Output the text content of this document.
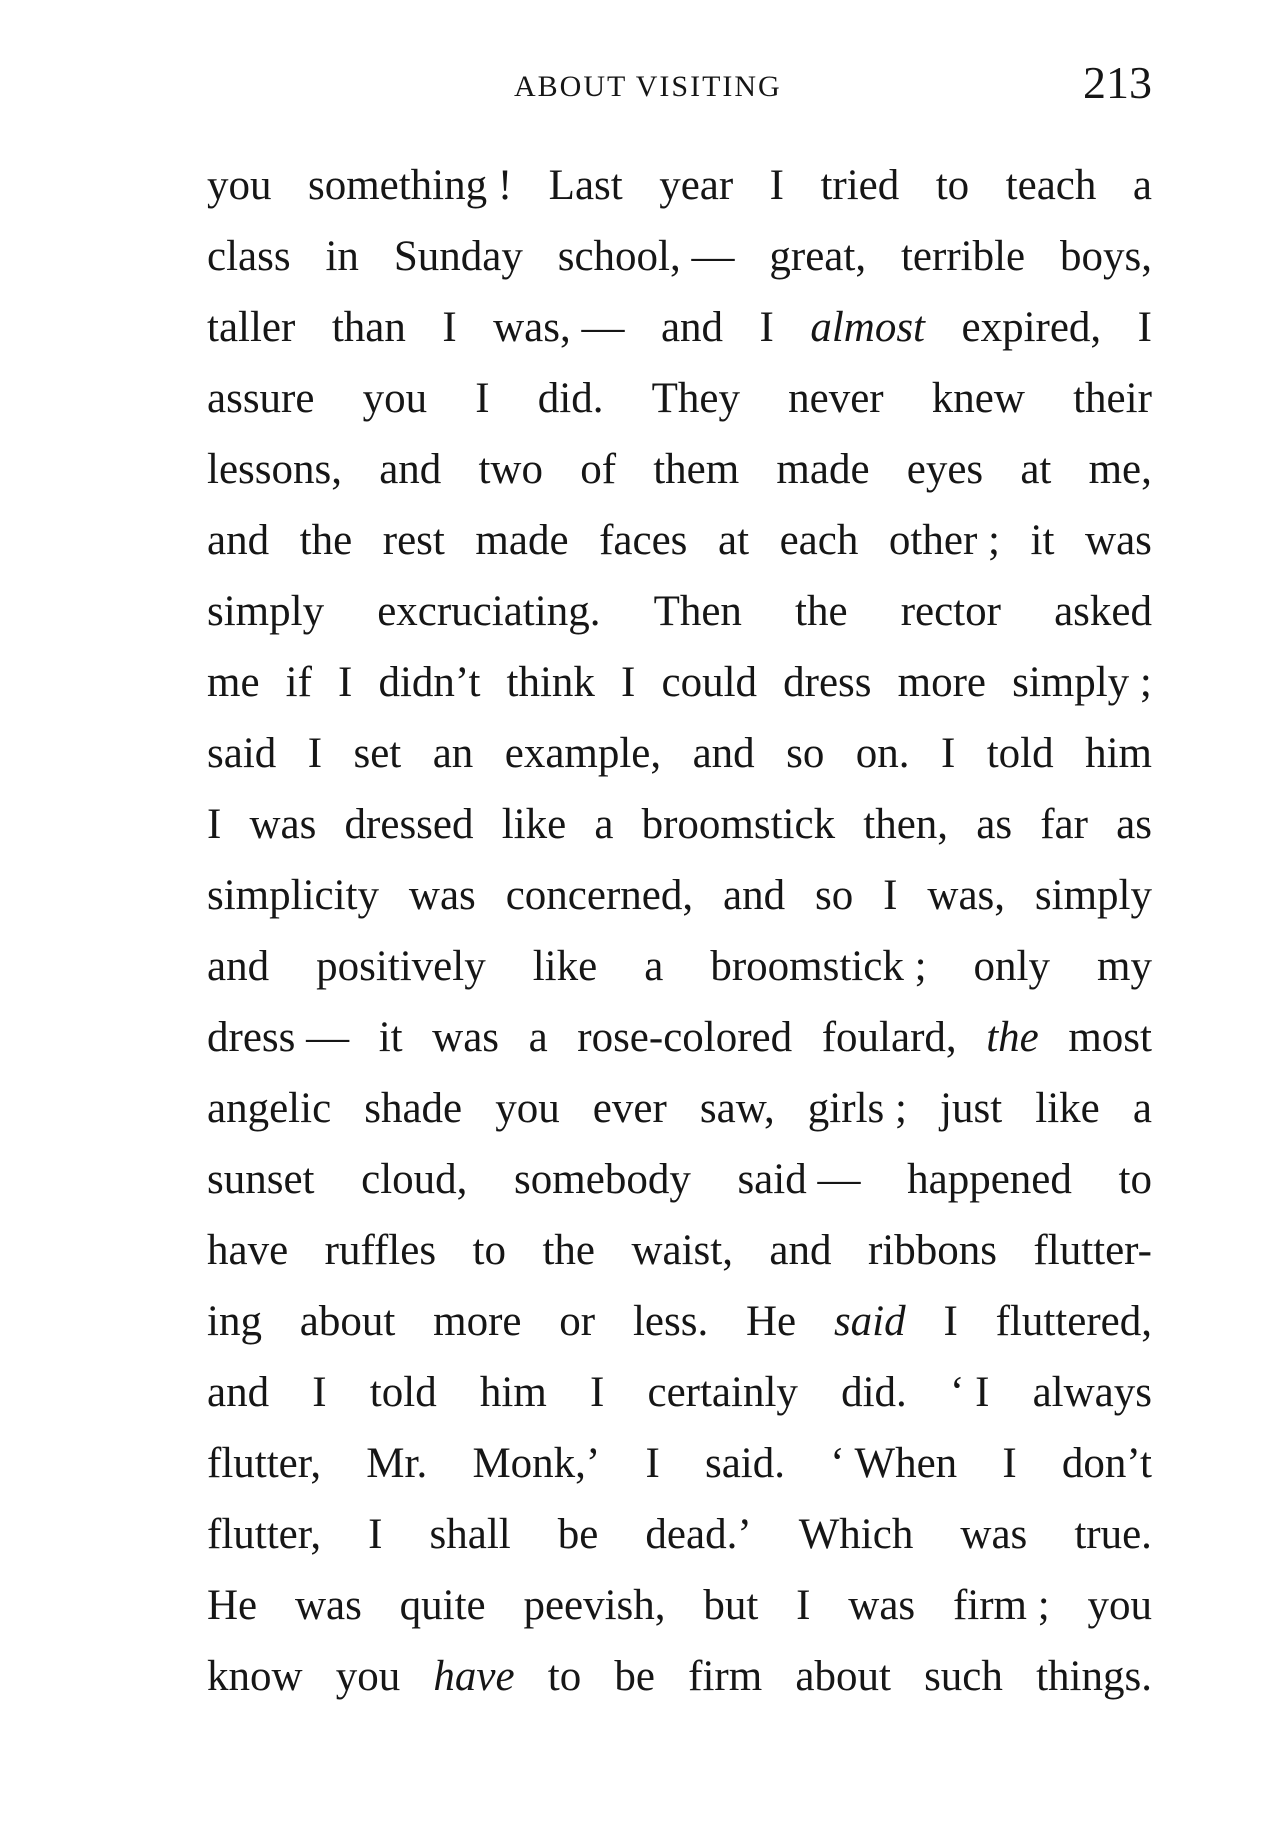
ABOUT VISITING	213
you something ! Last year I tried to teach a
class in Sunday school, — great, terrible boys,
taller than I was, — and I almost expired, I
assure you I did. They never knew their
lessons, and two of them made eyes at me,
and the rest made faces at each other ; it was
simply excruciating. Then the rector asked
me if I didn’t think I could dress more simply ;
said I set an example, and so on. I told him
I was dressed like a broomstick then, as far as
simplicity was concerned, and so I was, simply
and positively like a broomstick ; only my
dress — it was a rose-colored foulard, the most
angelic shade you ever saw, girls ; just like a
sunset cloud, somebody said — happened to
have ruffles to the waist, and ribbons flutter-
ing about more or less. He said I fluttered,
and I told him I certainly did. ‘ I always
flutter, Mr. Monk,’ I said. ‘ When I don’t
flutter, I shall be dead.’ Which was true.
He was quite peevish, but I was firm ; you
know you have to be firm about such things.
